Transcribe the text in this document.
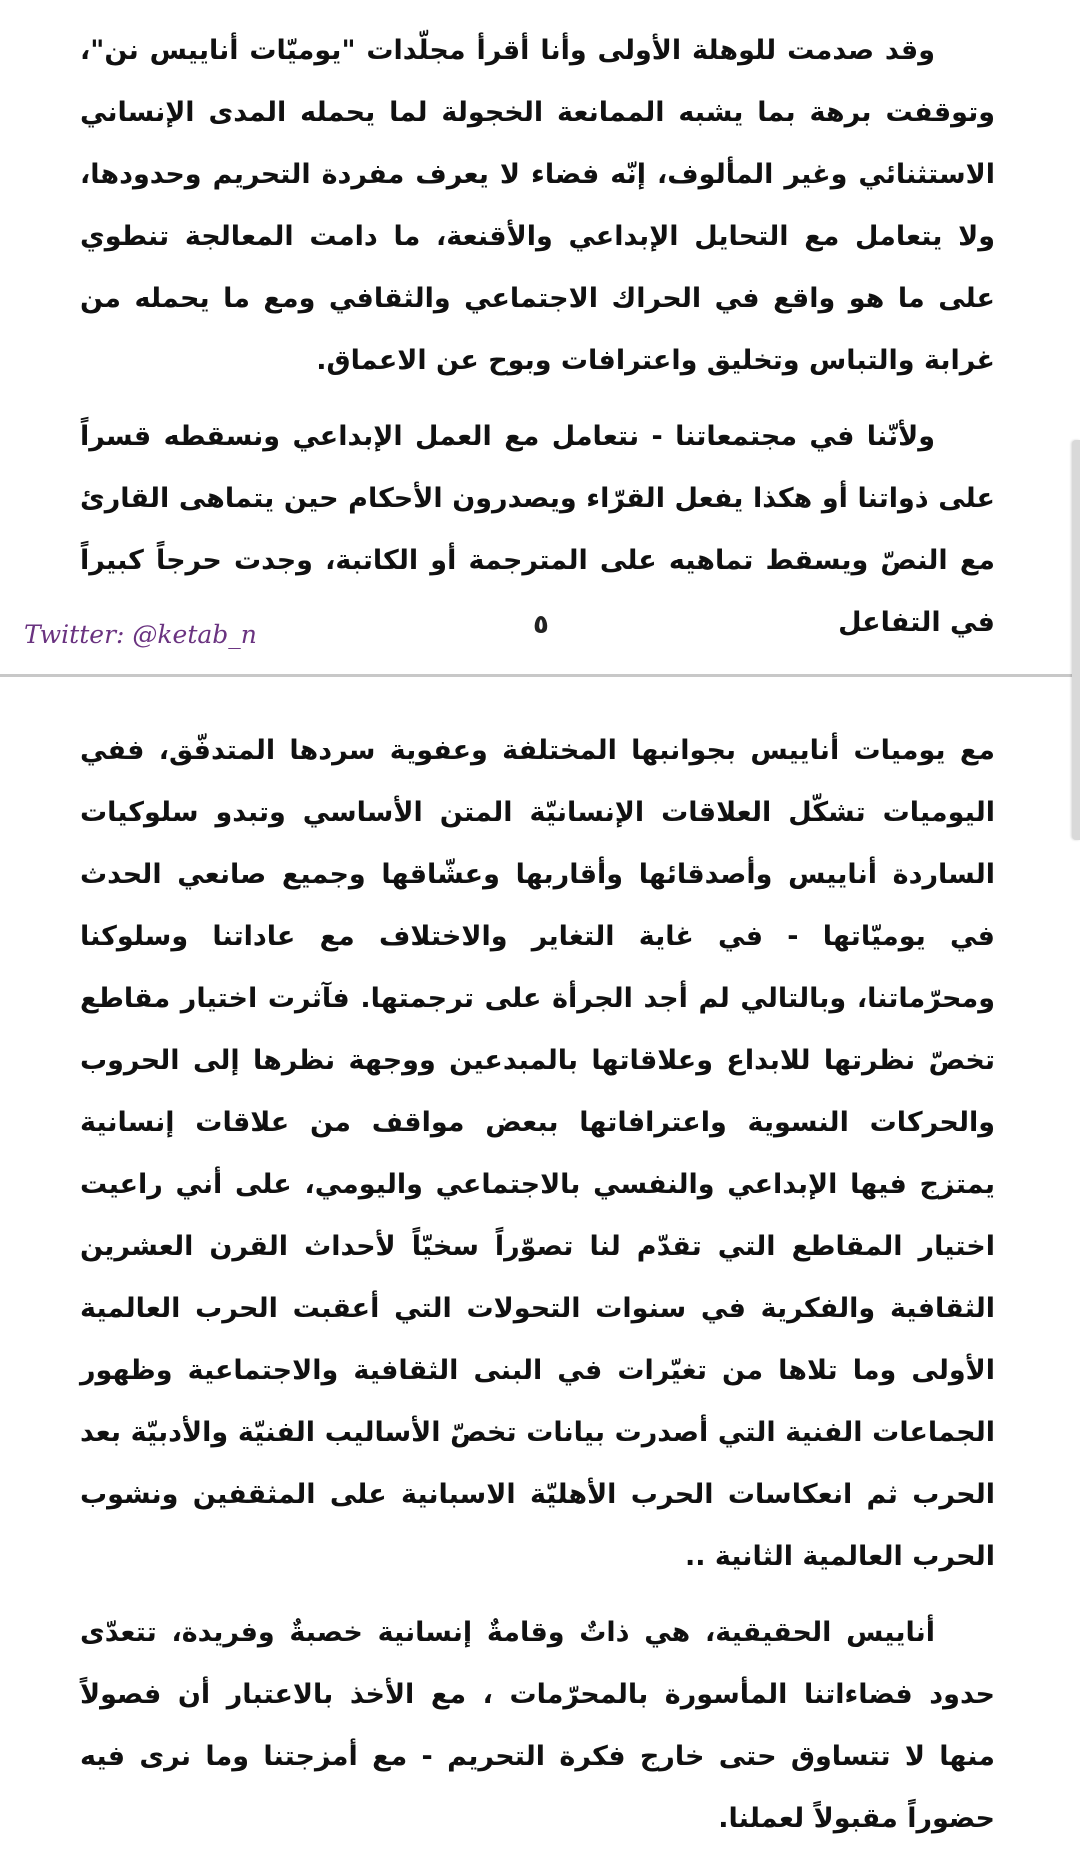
وقد صدمت للوهلة الأولى وأنا أقرأ مجلّدات "يوميّات أناييس نن"، وتوقفت برهة بما يشبه الممانعة الخجولة لما يحمله المدى الإنساني الاستثنائي وغير المألوف، إنّه فضاء لا يعرف مفردة التحريم وحدودها، ولا يتعامل مع التحايل الإبداعي والأقنعة، ما دامت المعالجة تنطوي على ما هو واقع في الحراك الاجتماعي والثقافي ومع ما يحمله من غرابة والتباس وتخليق واعترافات وبوح عن الاعماق.

ولأنّنا في مجتمعاتنا - نتعامل مع العمل الإبداعي ونسقطه قسراً على ذواتنا أو هكذا يفعل القرّاء ويصدرون الأحكام حين يتماهى القارئ مع النصّ ويسقط تماهيه على المترجمة أو الكاتبة، وجدت حرجاً كبيراً في التفاعل

Twitter: @ketab_n	٥

مع يوميات أناييس بجوانبها المختلفة وعفوية سردها المتدفّق، ففي اليوميات تشكّل العلاقات الإنسانيّة المتن الأساسي وتبدو سلوكيات الساردة أناييس وأصدقائها وأقاربها وعشّاقها وجميع صانعي الحدث في يوميّاتها - في غاية التغاير والاختلاف مع عاداتنا وسلوكنا ومحرّماتنا، وبالتالي لم أجد الجرأة على ترجمتها. فآثرت اختيار مقاطع تخصّ نظرتها للابداع وعلاقاتها بالمبدعين ووجهة نظرها إلى الحروب والحركات النسوية واعترافاتها ببعض مواقف من علاقات إنسانية يمتزج فيها الإبداعي والنفسي بالاجتماعي واليومي، على أني راعيت اختيار المقاطع التي تقدّم لنا تصوّراً سخيّاً لأحداث القرن العشرين الثقافية والفكرية في سنوات التحولات التي أعقبت الحرب العالمية الأولى وما تلاها من تغيّرات في البنى الثقافية والاجتماعية وظهور الجماعات الفنية التي أصدرت بيانات تخصّ الأساليب الفنيّة والأدبيّة بعد الحرب ثم انعكاسات الحرب الأهليّة الاسبانية على المثقفين ونشوب الحرب العالمية الثانية ..

أناييس الحقيقية، هي ذاتٌ وقامةٌ إنسانية خصبةٌ وفريدة، تتعدّى حدود فضاءاتنا المأسورة بالمحرّمات ، مع الأخذ بالاعتبار أن فصولاً منها لا تتساوق حتى خارج فكرة التحريم - مع أمزجتنا وما نرى فيه حضوراً مقبولاً لعملنا.
